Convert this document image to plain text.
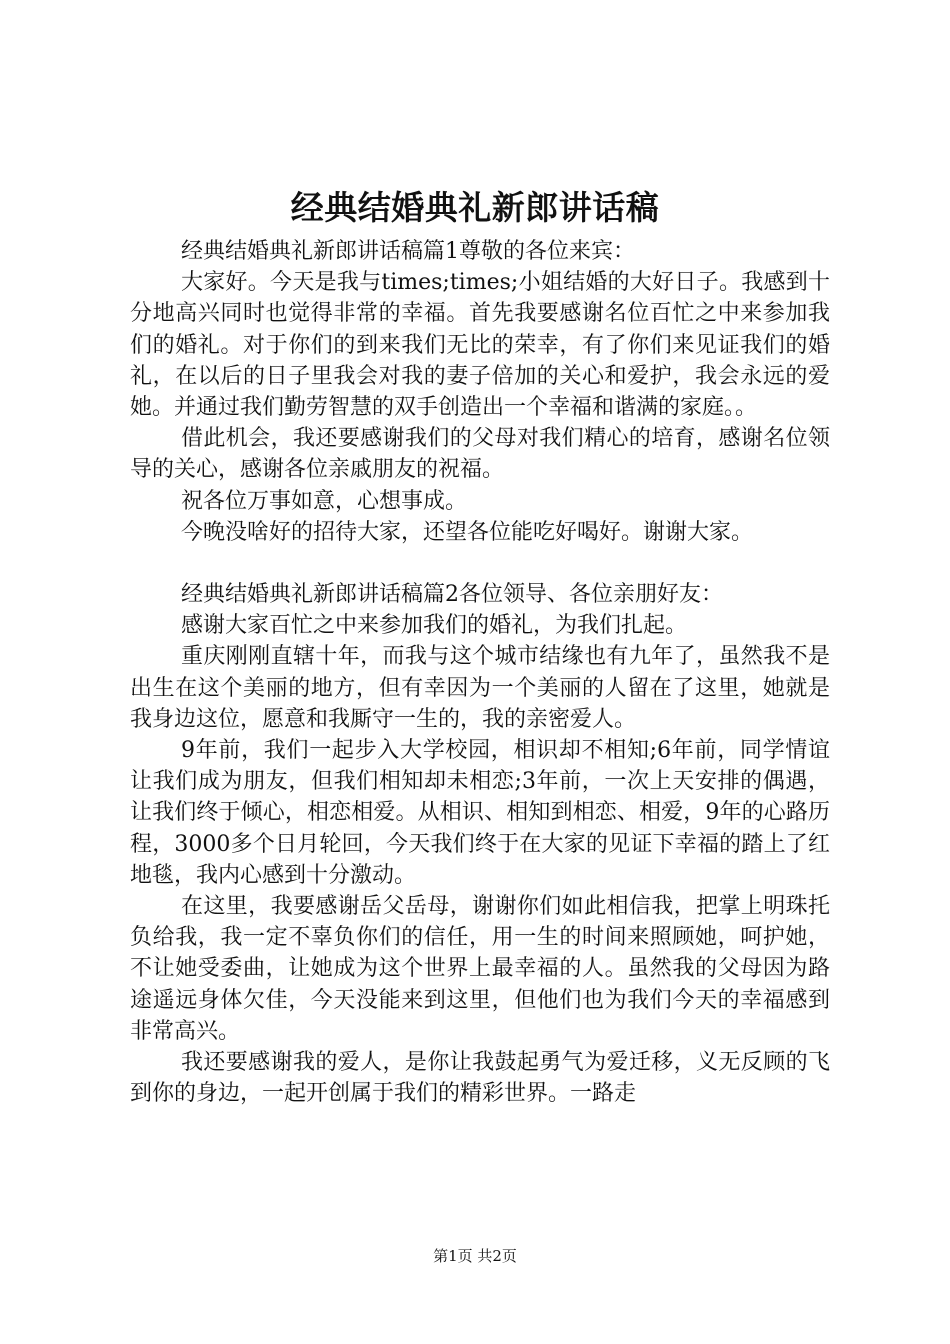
经典结婚典礼新郎讲话稿

经典结婚典礼新郎讲话稿篇1尊敬的各位来宾：

大家好。今天是我与times;times;小姐结婚的大好日子。我感到十分地高兴同时也觉得非常的幸福。首先我要感谢名位百忙之中来参加我们的婚礼。对于你们的到来我们无比的荣幸，有了你们来见证我们的婚礼，在以后的日子里我会对我的妻子倍加的关心和爱护，我会永远的爱她。并通过我们勤劳智慧的双手创造出一个幸福和谐满的家庭。。

借此机会，我还要感谢我们的父母对我们精心的培育，感谢名位领导的关心，感谢各位亲戚朋友的祝福。

祝各位万事如意，心想事成。

今晚没啥好的招待大家，还望各位能吃好喝好。谢谢大家。

经典结婚典礼新郎讲话稿篇2各位领导、各位亲朋好友：

感谢大家百忙之中来参加我们的婚礼，为我们扎起。

重庆刚刚直辖十年，而我与这个城市结缘也有九年了，虽然我不是出生在这个美丽的地方，但有幸因为一个美丽的人留在了这里，她就是我身边这位，愿意和我厮守一生的，我的亲密爱人。

9年前，我们一起步入大学校园，相识却不相知;6年前，同学情谊让我们成为朋友，但我们相知却未相恋;3年前，一次上天安排的偶遇，让我们终于倾心，相恋相爱。从相识、相知到相恋、相爱，9年的心路历程，3000多个日月轮回，今天我们终于在大家的见证下幸福的踏上了红地毯，我内心感到十分激动。

在这里，我要感谢岳父岳母，谢谢你们如此相信我，把掌上明珠托负给我，我一定不辜负你们的信任，用一生的时间来照顾她，呵护她，不让她受委曲，让她成为这个世界上最幸福的人。虽然我的父母因为路途遥远身体欠佳，今天没能来到这里，但他们也为我们今天的幸福感到非常高兴。

我还要感谢我的爱人，是你让我鼓起勇气为爱迁移，义无反顾的飞到你的身边，一起开创属于我们的精彩世界。一路走

第1页 共2页
